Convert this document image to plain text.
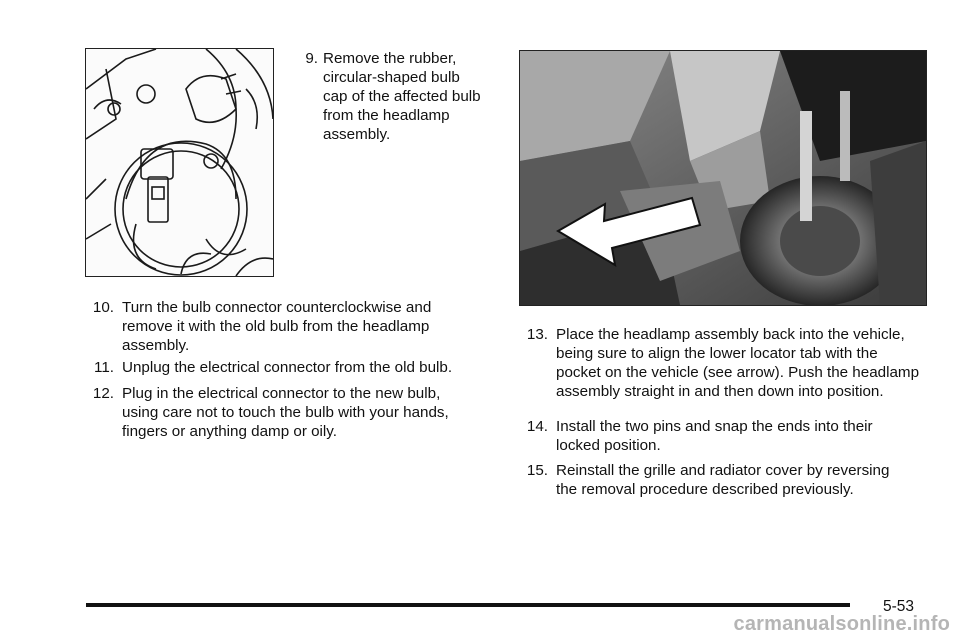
9. Remove the rubber, circular-shaped bulb cap of the affected bulb from the headlamp assembly.
10. Turn the bulb connector counterclockwise and remove it with the old bulb from the headlamp assembly.
11. Unplug the electrical connector from the old bulb.
12. Plug in the electrical connector to the new bulb, using care not to touch the bulb with your hands, fingers or anything damp or oily.
13. Place the headlamp assembly back into the vehicle, being sure to align the lower locator tab with the pocket on the vehicle (see arrow). Push the headlamp assembly straight in and then down into position.
14. Install the two pins and snap the ends into their locked position.
15. Reinstall the grille and radiator cover by reversing the removal procedure described previously.
5-53
carmanualsonline.info
